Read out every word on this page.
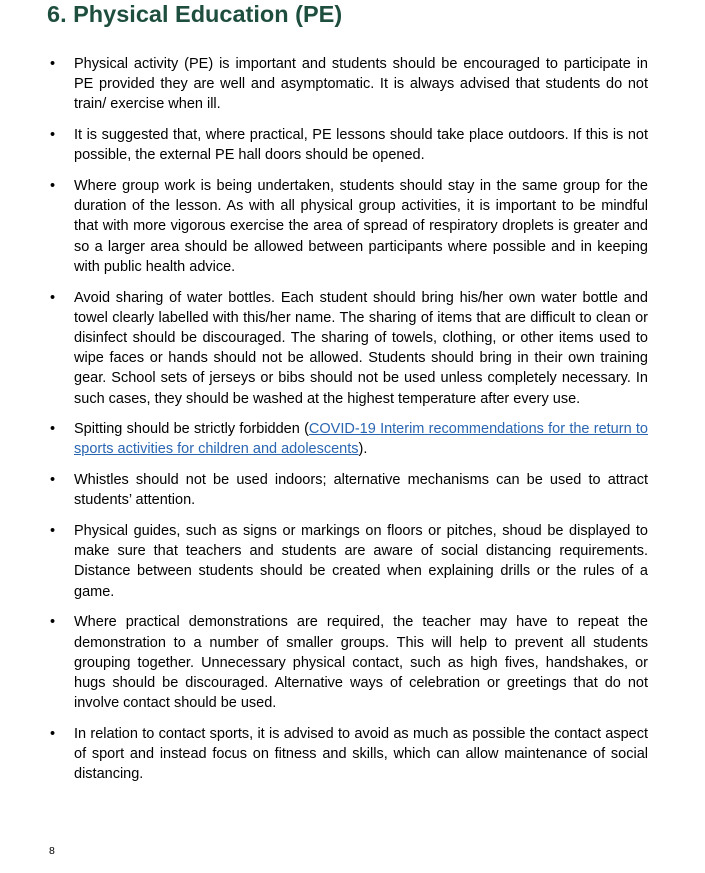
6. Physical Education (PE)
• Physical activity (PE) is important and students should be encouraged to participate in PE provided they are well and asymptomatic. It is always advised that students do not train/ exercise when ill.
• It is suggested that, where practical, PE lessons should take place outdoors. If this is not possible, the external PE hall doors should be opened.
• Where group work is being undertaken, students should stay in the same group for the duration of the lesson. As with all physical group activities, it is important to be mindful that with more vigorous exercise the area of spread of respiratory droplets is greater and so a larger area should be allowed between participants where possible and in keeping with public health advice.
• Avoid sharing of water bottles. Each student should bring his/her own water bottle and towel clearly labelled with this/her name. The sharing of items that are difficult to clean or disinfect should be discouraged. The sharing of towels, clothing, or other items used to wipe faces or hands should not be allowed. Students should bring in their own training gear. School sets of jerseys or bibs should not be used unless completely necessary. In such cases, they should be washed at the highest temperature after every use.
• Spitting should be strictly forbidden (COVID-19 Interim recommendations for the return to sports activities for children and adolescents).
• Whistles should not be used indoors; alternative mechanisms can be used to attract students’ attention.
• Physical guides, such as signs or markings on floors or pitches, shoud be displayed to make sure that teachers and students are aware of social distancing requirements. Distance between students should be created when explaining drills or the rules of a game.
• Where practical demonstrations are required, the teacher may have to repeat the demonstration to a number of smaller groups. This will help to prevent all students grouping together. Unnecessary physical contact, such as high fives, handshakes, or hugs should be discouraged. Alternative ways of celebration or greetings that do not involve contact should be used.
• In relation to contact sports, it is advised to avoid as much as possible the contact aspect of sport and instead focus on fitness and skills, which can allow maintenance of social distancing.
8
